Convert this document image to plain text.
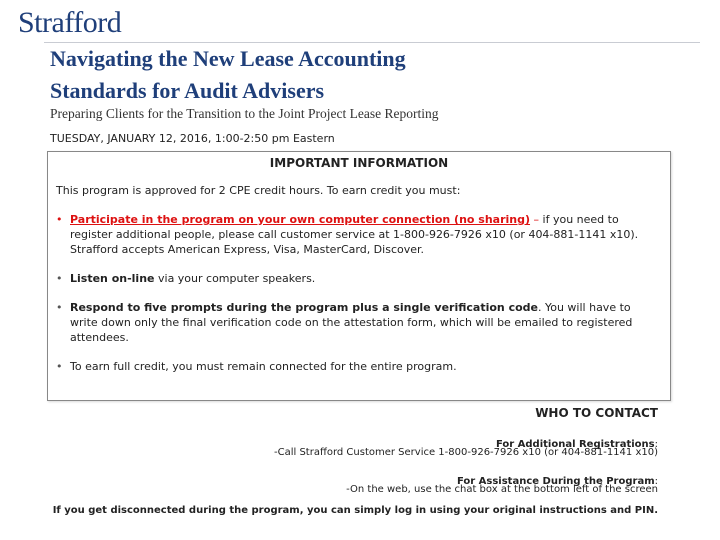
Strafford
Navigating the New Lease Accounting
Standards for Audit Advisers
Preparing Clients for the Transition to the Joint Project Lease Reporting
TUESDAY, JANUARY 12, 2016, 1:00-2:50 pm Eastern
IMPORTANT INFORMATION
This program is approved for 2 CPE credit hours. To earn credit you must:
• Participate in the program on your own computer connection (no sharing) – if you need to register additional people, please call customer service at 1-800-926-7926 x10 (or 404-881-1141 x10). Strafford accepts American Express, Visa, MasterCard, Discover.
• Listen on-line via your computer speakers.
• Respond to five prompts during the program plus a single verification code. You will have to write down only the final verification code on the attestation form, which will be emailed to registered attendees.
• To earn full credit, you must remain connected for the entire program.
WHO TO CONTACT
For Additional Registrations:
-Call Strafford Customer Service 1-800-926-7926 x10 (or 404-881-1141 x10)
For Assistance During the Program:
-On the web, use the chat box at the bottom left of the screen
If you get disconnected during the program, you can simply log in using your original instructions and PIN.
